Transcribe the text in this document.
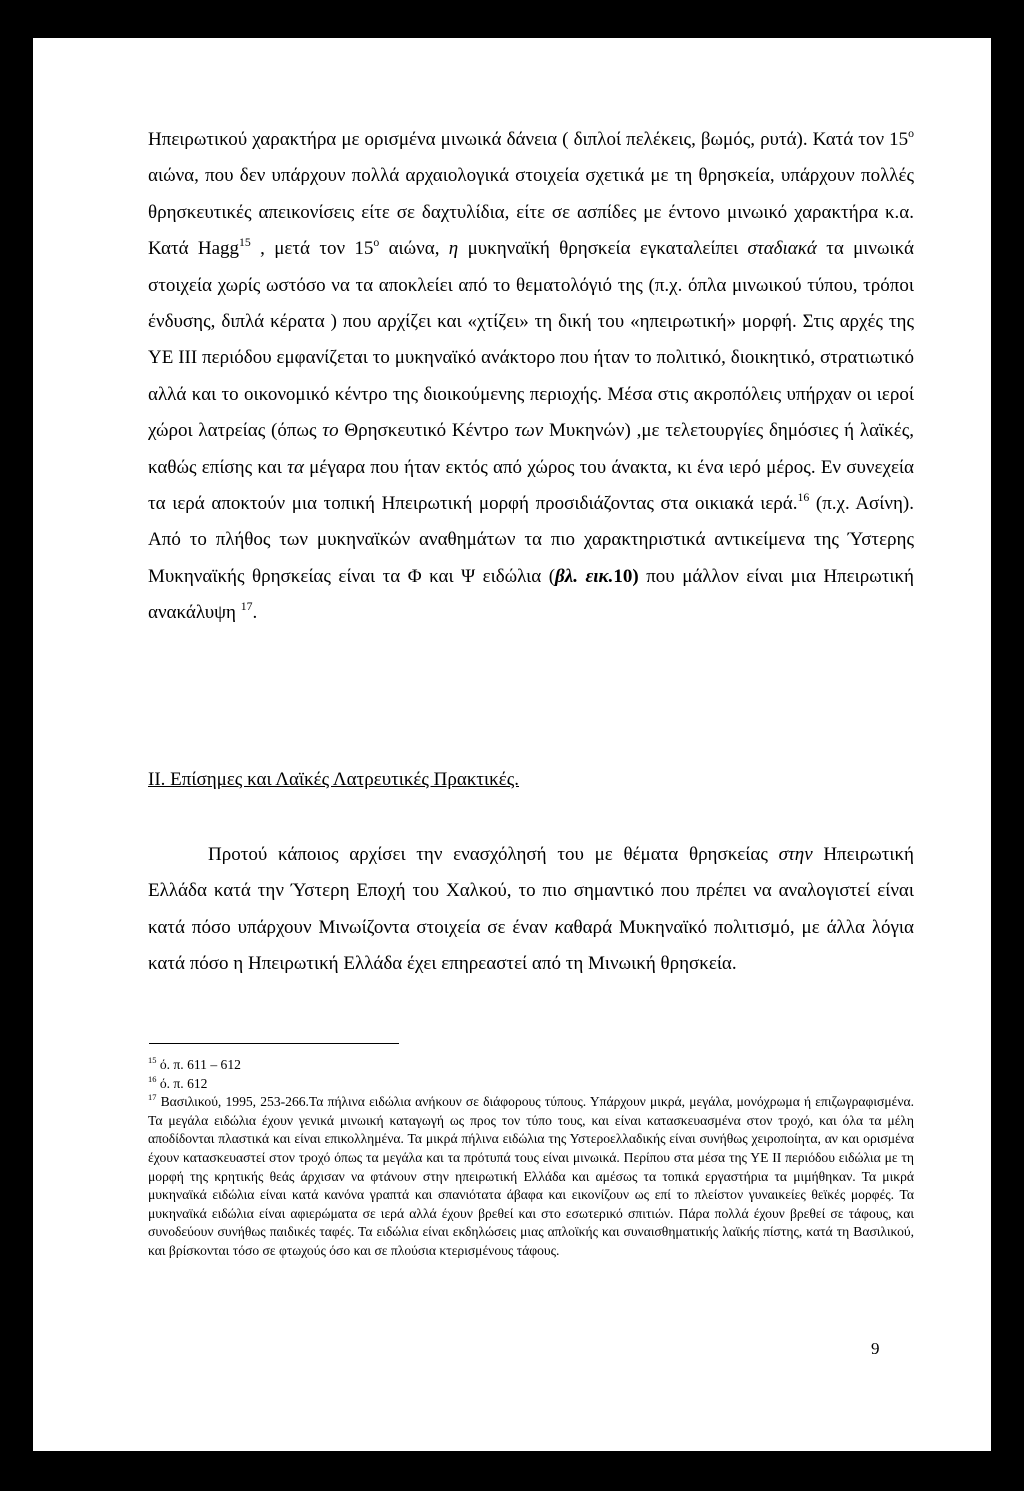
Ηπειρωτικού χαρακτήρα με ορισμένα μινωικά δάνεια ( διπλοί πελέκεις, βωμός, ρυτά). Κατά τον $15^o$ αιώνα, που δεν υπάρχουν πολλά αρχαιολογικά στοιχεία σχετικά με τη θρησκεία, υπάρχουν πολλές θρησκευτικές απεικονίσεις είτε σε δαχτυλίδια, είτε σε ασπίδες με έντονο μινωικό χαρακτήρα κ.α. Κατά Hagg$^{15}$ , μετά τον $15^o$ αιώνα, η μυκηναϊκή θρησκεία εγκαταλείπει σταδιακά τα μινωικά στοιχεία χωρίς ωστόσο να τα αποκλείει από το θεματολόγιό της (π.χ. όπλα μινωικού τύπου, τρόποι ένδυσης, διπλά κέρατα ) που αρχίζει και «χτίζει» τη δική του «ηπειρωτική» μορφή. Στις αρχές της ΥΕ ΙΙΙ περιόδου εμφανίζεται το μυκηναϊκό ανάκτορο που ήταν το πολιτικό, διοικητικό, στρατιωτικό αλλά και το οικονομικό κέντρο της διοικούμενης περιοχής. Μέσα στις ακροπόλεις υπήρχαν οι ιεροί χώροι λατρείας (όπως το Θρησκευτικό Κέντρο των Μυκηνών) ,με τελετουργίες δημόσιες ή λαϊκές, καθώς επίσης και τα μέγαρα που ήταν εκτός από χώρος του άνακτα, κι ένα ιερό μέρος. Εν συνεχεία τα ιερά αποκτούν μια τοπική Ηπειρωτική μορφή προσιδιάζοντας στα οικιακά ιερά.$^{16}$ (π.χ. Ασίνη). Από το πλήθος των μυκηναϊκών αναθημάτων τα πιο χαρακτηριστικά αντικείμενα της Ύστερης Μυκηναϊκής θρησκείας είναι τα Φ και Ψ ειδώλια (βλ. εικ.10) που μάλλον είναι μια Ηπειρωτική ανακάλυψη $^{17}$.

II. Επίσημες και Λαϊκές Λατρευτικές Πρακτικές.

Προτού κάποιος αρχίσει την ενασχόλησή του με θέματα θρησκείας στην Ηπειρωτική Ελλάδα κατά την Ύστερη Εποχή του Χαλκού, το πιο σημαντικό που πρέπει να αναλογιστεί είναι κατά πόσο υπάρχουν Μινωίζοντα στοιχεία σε έναν καθαρά Μυκηναϊκό πολιτισμό, με άλλα λόγια κατά πόσο η Ηπειρωτική Ελλάδα έχει επηρεαστεί από τη Μινωική θρησκεία.

$^{15}$ ό. π. 611 – 612

$^{16}$ ό. π. 612

$^{17}$ Βασιλικού, 1995, 253-266.Τα πήλινα ειδώλια ανήκουν σε διάφορους τύπους. Υπάρχουν μικρά, μεγάλα, μονόχρωμα ή επιζωγραφισμένα. Τα μεγάλα ειδώλια έχουν γενικά μινωική καταγωγή ως προς τον τύπο τους, και είναι κατασκευασμένα στον τροχό, και όλα τα μέλη αποδίδονται πλαστικά και είναι επικολλημένα. Τα μικρά πήλινα ειδώλια της Υστεροελλαδικής είναι συνήθως χειροποίητα, αν και ορισμένα έχουν κατασκευαστεί στον τροχό όπως τα μεγάλα και τα πρότυπά τους είναι μινωικά. Περίπου στα μέσα της ΥΕ ΙΙ περιόδου ειδώλια με τη μορφή της κρητικής θεάς άρχισαν να φτάνουν στην ηπειρωτική Ελλάδα και αμέσως τα τοπικά εργαστήρια τα μιμήθηκαν. Τα μικρά μυκηναϊκά ειδώλια είναι κατά κανόνα γραπτά και σπανιότατα άβαφα και εικονίζουν ως επί το πλείστον γυναικείες θεϊκές μορφές. Τα μυκηναϊκά ειδώλια είναι αφιερώματα σε ιερά αλλά έχουν βρεθεί και στο εσωτερικό σπιτιών. Πάρα πολλά έχουν βρεθεί σε τάφους, και συνοδεύουν συνήθως παιδικές ταφές. Τα ειδώλια είναι εκδηλώσεις μιας απλοϊκής και συναισθηματικής λαϊκής πίστης, κατά τη Βασιλικού, και βρίσκονται τόσο σε φτωχούς όσο και σε πλούσια κτερισμένους τάφους.

9
